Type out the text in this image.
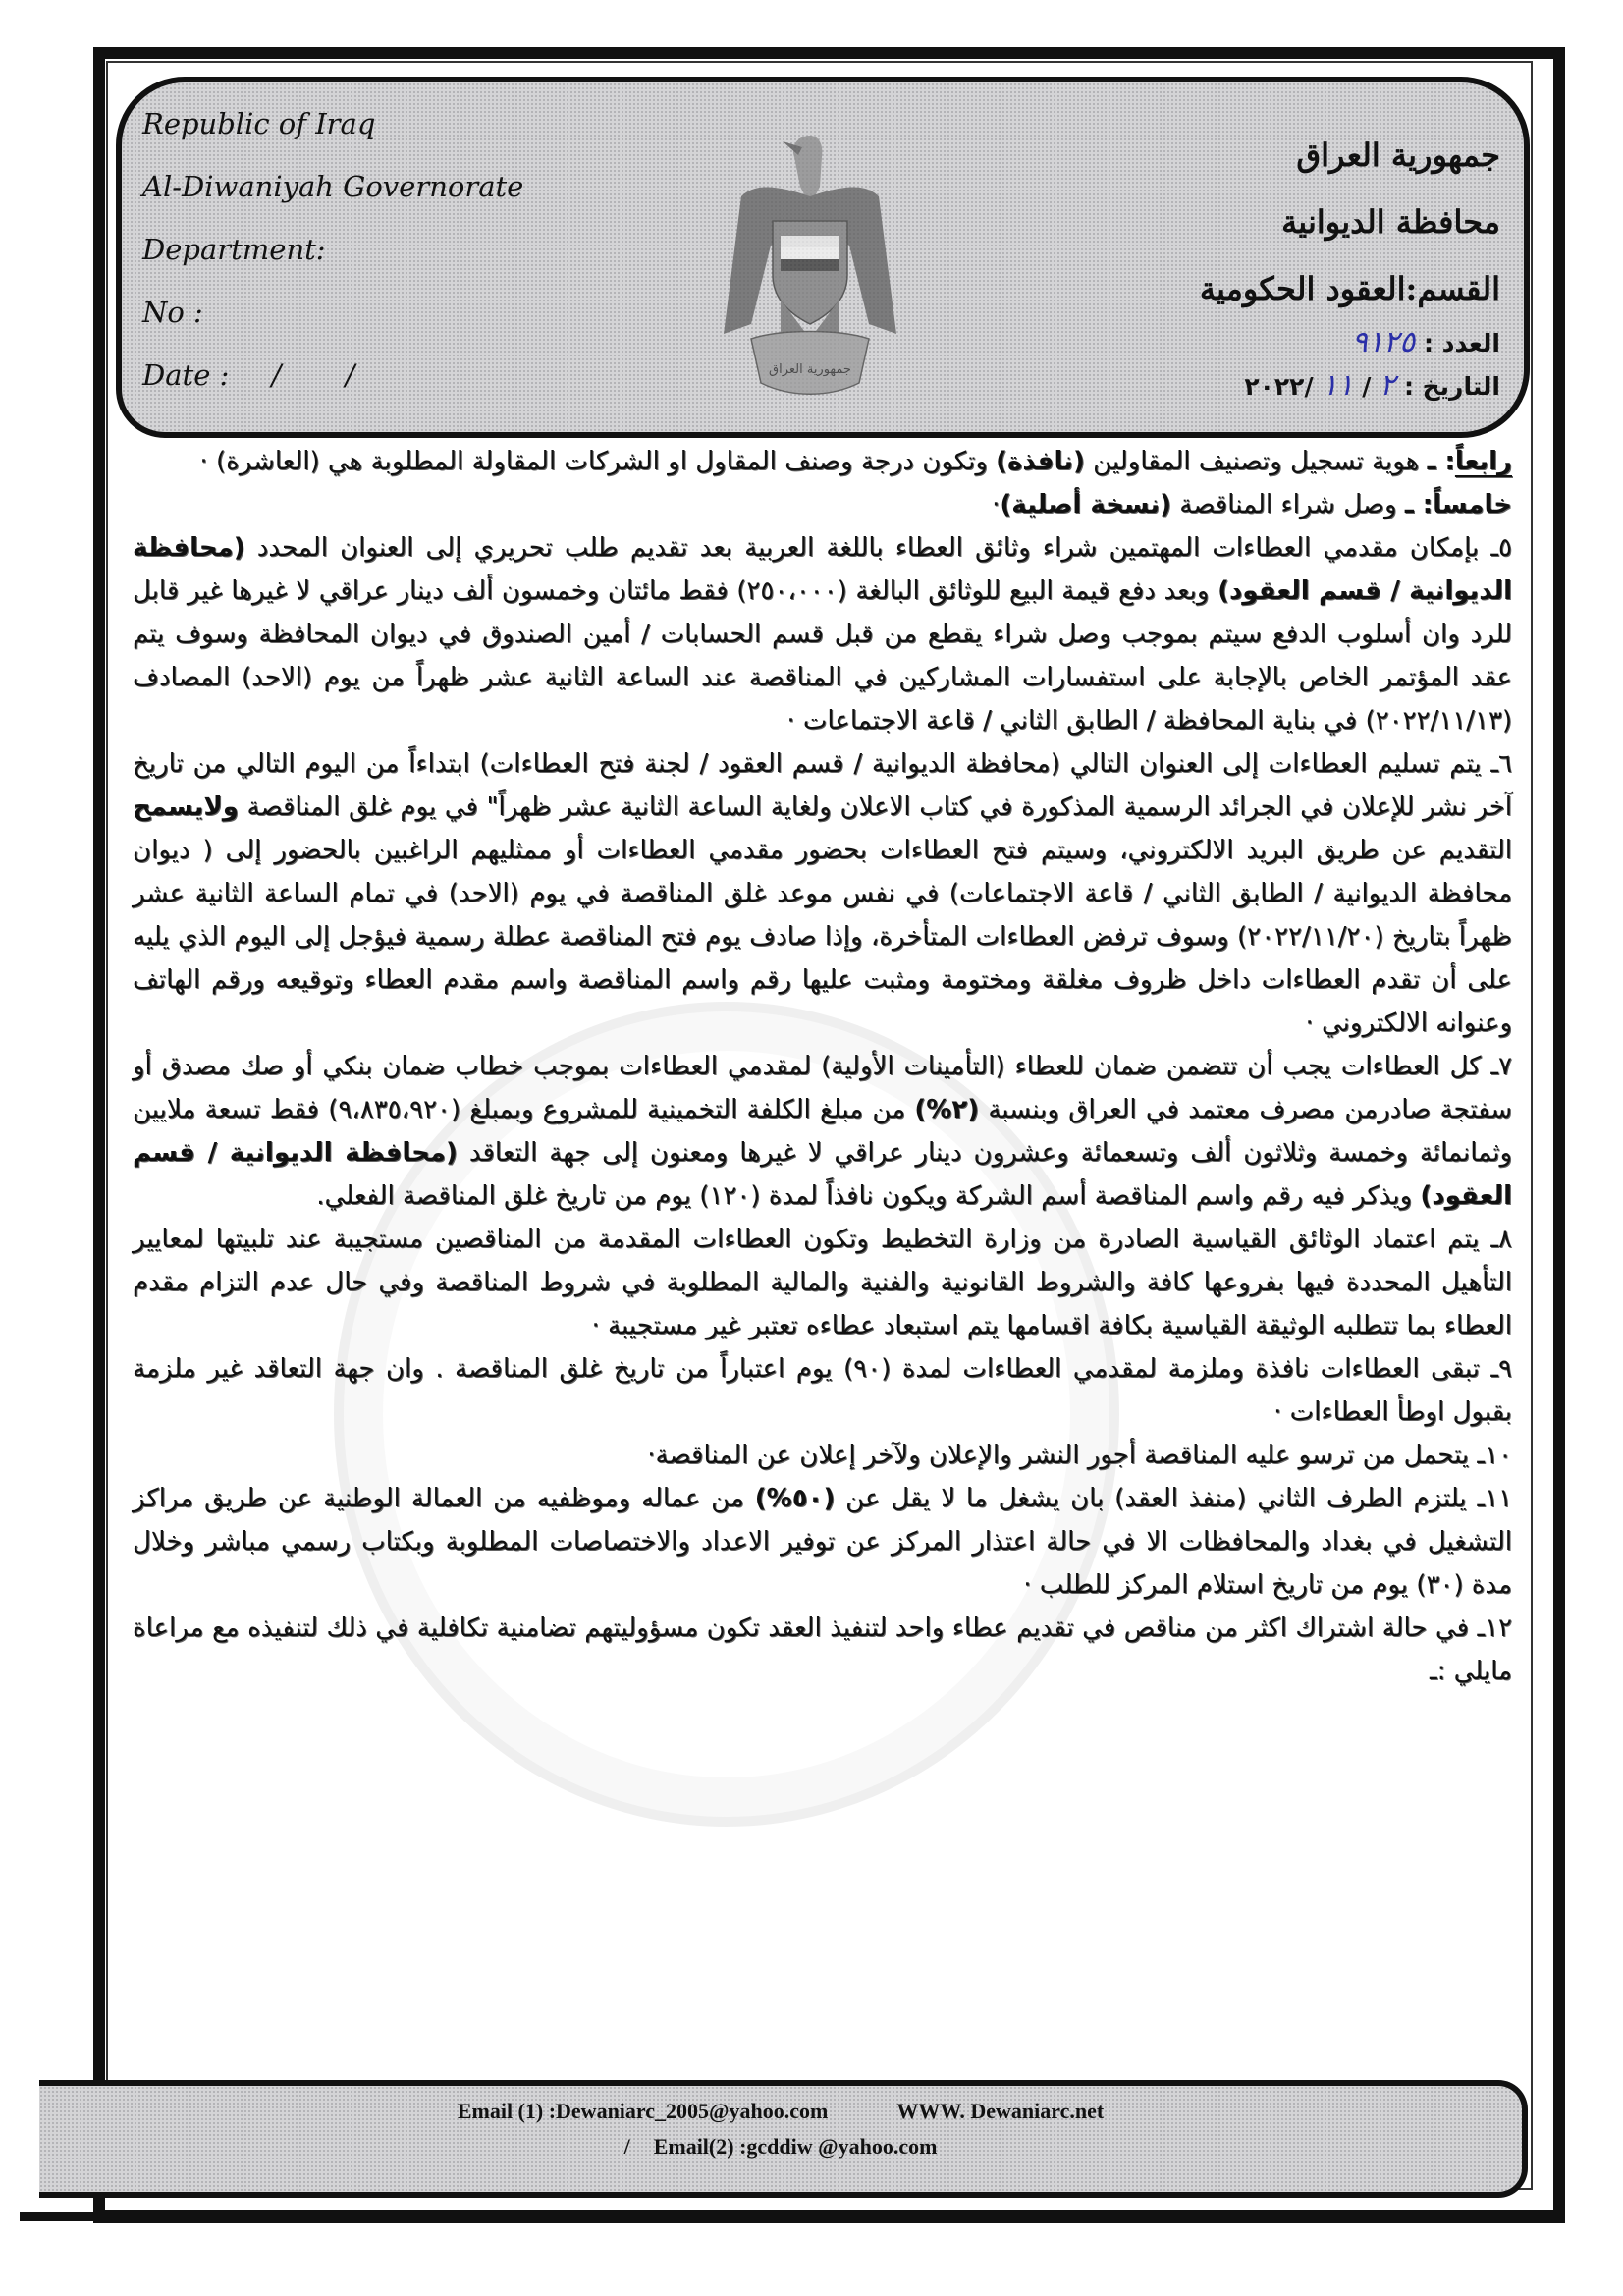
Republic of Iraq
Al-Diwaniyah Governorate
Department:
No :
Date : / /
جمهورية العراق
محافظة الديوانية
القسم:العقود الحكومية
العدد : ٩١٢٥
التاريخ : ٢ / ١١ /٢٠٢٢
جمهورية العراق

رابعاً: ـ هوية تسجيل وتصنيف المقاولين (نافذة) وتكون درجة وصنف المقاول او الشركات المقاولة المطلوبة هي (العاشرة) ·

خامساً: ـ وصل شراء المناقصة (نسخة أصلية)·

٥ـ بإمكان مقدمي العطاءات المهتمين شراء وثائق العطاء باللغة العربية بعد تقديم طلب تحريري إلى العنوان المحدد (محافظة الديوانية / قسم العقود) وبعد دفع قيمة البيع للوثائق البالغة (٢٥٠،٠٠٠) فقط مائتان وخمسون ألف دينار عراقي لا غيرها غير قابل للرد وان أسلوب الدفع سيتم بموجب وصل شراء يقطع من قبل قسم الحسابات / أمين الصندوق في ديوان المحافظة وسوف يتم عقد المؤتمر الخاص بالإجابة على استفسارات المشاركين في المناقصة عند الساعة الثانية عشر ظهراً من يوم (الاحد) المصادف (٢٠٢٢/١١/١٣) في بناية المحافظة / الطابق الثاني / قاعة الاجتماعات ·

٦ـ يتم تسليم العطاءات إلى العنوان التالي (محافظة الديوانية / قسم العقود / لجنة فتح العطاءات) ابتداءاً من اليوم التالي من تاريخ آخر نشر للإعلان في الجرائد الرسمية المذكورة في كتاب الاعلان ولغاية الساعة الثانية عشر ظهراً" في يوم غلق المناقصة ولايسمح التقديم عن طريق البريد الالكتروني، وسيتم فتح العطاءات بحضور مقدمي العطاءات أو ممثليهم الراغبين بالحضور إلى ( ديوان محافظة الديوانية / الطابق الثاني / قاعة الاجتماعات) في نفس موعد غلق المناقصة في يوم (الاحد) في تمام الساعة الثانية عشر ظهراً بتاريخ (٢٠٢٢/١١/٢٠) وسوف ترفض العطاءات المتأخرة، وإذا صادف يوم فتح المناقصة عطلة رسمية فيؤجل إلى اليوم الذي يليه على أن تقدم العطاءات داخل ظروف مغلقة ومختومة ومثبت عليها رقم واسم المناقصة واسم مقدم العطاء وتوقيعه ورقم الهاتف وعنوانه الالكتروني ·

٧ـ كل العطاءات يجب أن تتضمن ضمان للعطاء (التأمينات الأولية) لمقدمي العطاءات بموجب خطاب ضمان بنكي أو صك مصدق أو سفتجة صادرمن مصرف معتمد في العراق وبنسبة (٢%) من مبلغ الكلفة التخمينية للمشروع وبمبلغ (٩،٨٣٥،٩٢٠) فقط تسعة ملايين وثمانمائة وخمسة وثلاثون ألف وتسعمائة وعشرون دينار عراقي لا غيرها ومعنون إلى جهة التعاقد (محافظة الديوانية / قسم العقود) ويذكر فيه رقم واسم المناقصة أسم الشركة ويكون نافذاً لمدة (١٢٠) يوم من تاريخ غلق المناقصة الفعلي.

٨ـ يتم اعتماد الوثائق القياسية الصادرة من وزارة التخطيط وتكون العطاءات المقدمة من المناقصين مستجيبة عند تلبيتها لمعايير التأهيل المحددة فيها بفروعها كافة والشروط القانونية والفنية والمالية المطلوبة في شروط المناقصة وفي حال عدم التزام مقدم العطاء بما تتطلبه الوثيقة القياسية بكافة اقسامها يتم استبعاد عطاءه تعتبر غير مستجيبة ·

٩ـ تبقى العطاءات نافذة وملزمة لمقدمي العطاءات لمدة (٩٠) يوم اعتباراً من تاريخ غلق المناقصة . وان جهة التعاقد غير ملزمة بقبول اوطأ العطاءات ·

١٠ـ يتحمل من ترسو عليه المناقصة أجور النشر والإعلان ولآخر إعلان عن المناقصة·

١١ـ يلتزم الطرف الثاني (منفذ العقد) بان يشغل ما لا يقل عن (٥٠%) من عماله وموظفيه من العمالة الوطنية عن طريق مراكز التشغيل في بغداد والمحافظات الا في حالة اعتذار المركز عن توفير الاعداد والاختصاصات المطلوبة وبكتاب رسمي مباشر وخلال مدة (٣٠) يوم من تاريخ استلام المركز للطلب ·

١٢ـ في حالة اشتراك اكثر من مناقص في تقديم عطاء واحد لتنفيذ العقد تكون مسؤوليتهم تضامنية تكافلية في ذلك لتنفيذه مع مراعاة مايلي :ـ

Email (1) :Dewaniarc_2005@yahoo.com	WWW. Dewaniarc.net
/ Email(2) :gcddiw @yahoo.com
